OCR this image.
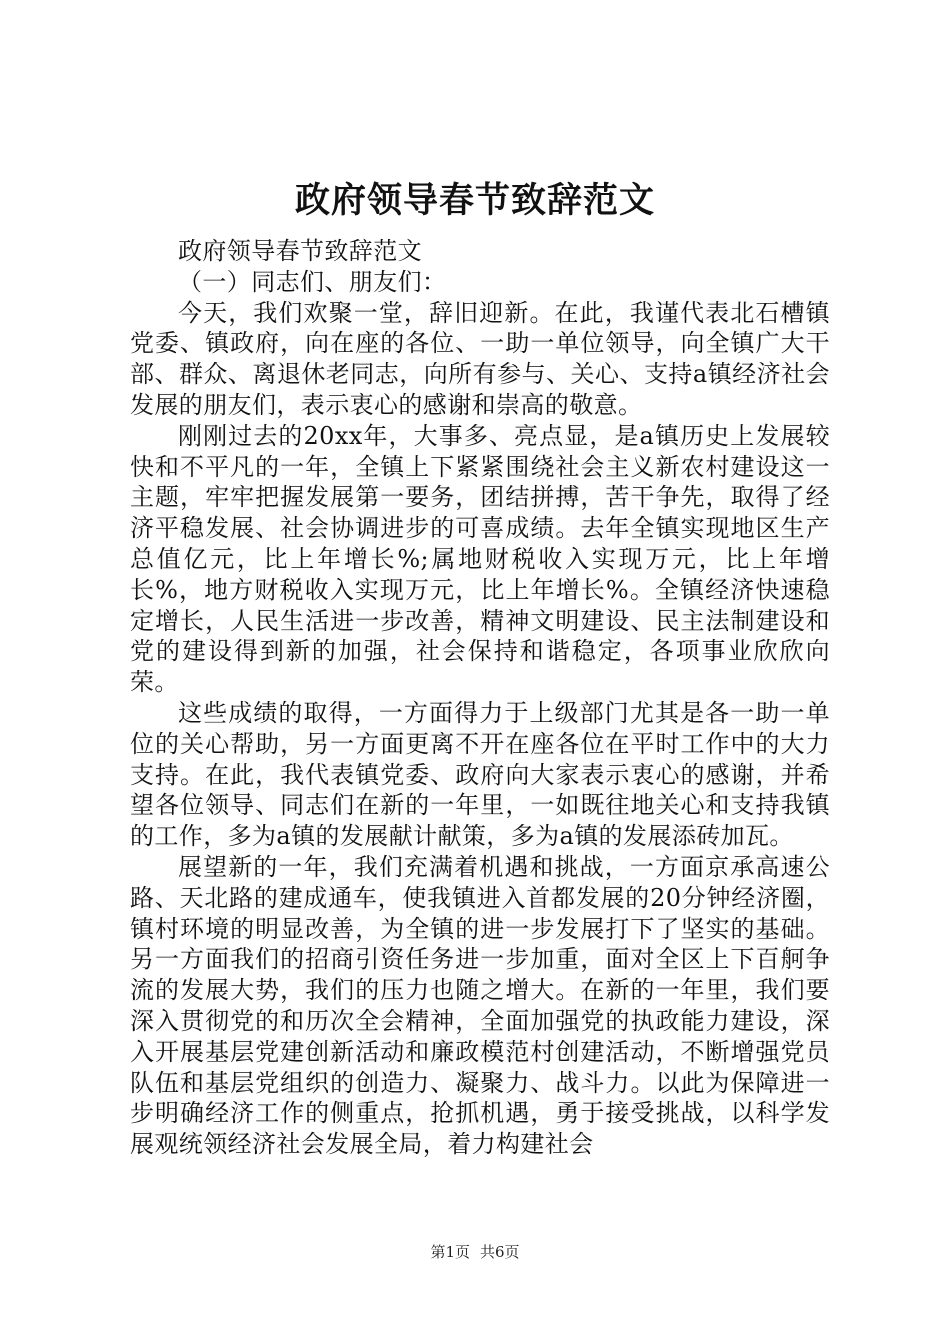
政府领导春节致辞范文

政府领导春节致辞范文

（一）同志们、朋友们：

今天，我们欢聚一堂，辞旧迎新。在此，我谨代表北石槽镇党委、镇政府，向在座的各位、一助一单位领导，向全镇广大干部、群众、离退休老同志，向所有参与、关心、支持a镇经济社会发展的朋友们，表示衷心的感谢和崇高的敬意。

刚刚过去的20xx年，大事多、亮点显，是a镇历史上发展较快和不平凡的一年，全镇上下紧紧围绕社会主义新农村建设这一主题，牢牢把握发展第一要务，团结拼搏，苦干争先，取得了经济平稳发展、社会协调进步的可喜成绩。去年全镇实现地区生产总值亿元，比上年增长%;属地财税收入实现万元，比上年增长%，地方财税收入实现万元，比上年增长%。全镇经济快速稳定增长，人民生活进一步改善，精神文明建设、民主法制建设和党的建设得到新的加强，社会保持和谐稳定，各项事业欣欣向荣。

这些成绩的取得，一方面得力于上级部门尤其是各一助一单位的关心帮助，另一方面更离不开在座各位在平时工作中的大力支持。在此，我代表镇党委、政府向大家表示衷心的感谢，并希望各位领导、同志们在新的一年里，一如既往地关心和支持我镇的工作，多为a镇的发展献计献策，多为a镇的发展添砖加瓦。

展望新的一年，我们充满着机遇和挑战，一方面京承高速公路、天北路的建成通车，使我镇进入首都发展的20分钟经济圈，镇村环境的明显改善，为全镇的进一步发展打下了坚实的基础。另一方面我们的招商引资任务进一步加重，面对全区上下百舸争流的发展大势，我们的压力也随之增大。在新的一年里，我们要深入贯彻党的和历次全会精神，全面加强党的执政能力建设，深入开展基层党建创新活动和廉政模范村创建活动，不断增强党员队伍和基层党组织的创造力、凝聚力、战斗力。以此为保障进一步明确经济工作的侧重点，抢抓机遇，勇于接受挑战，以科学发展观统领经济社会发展全局，着力构建社会

第1页 共6页
